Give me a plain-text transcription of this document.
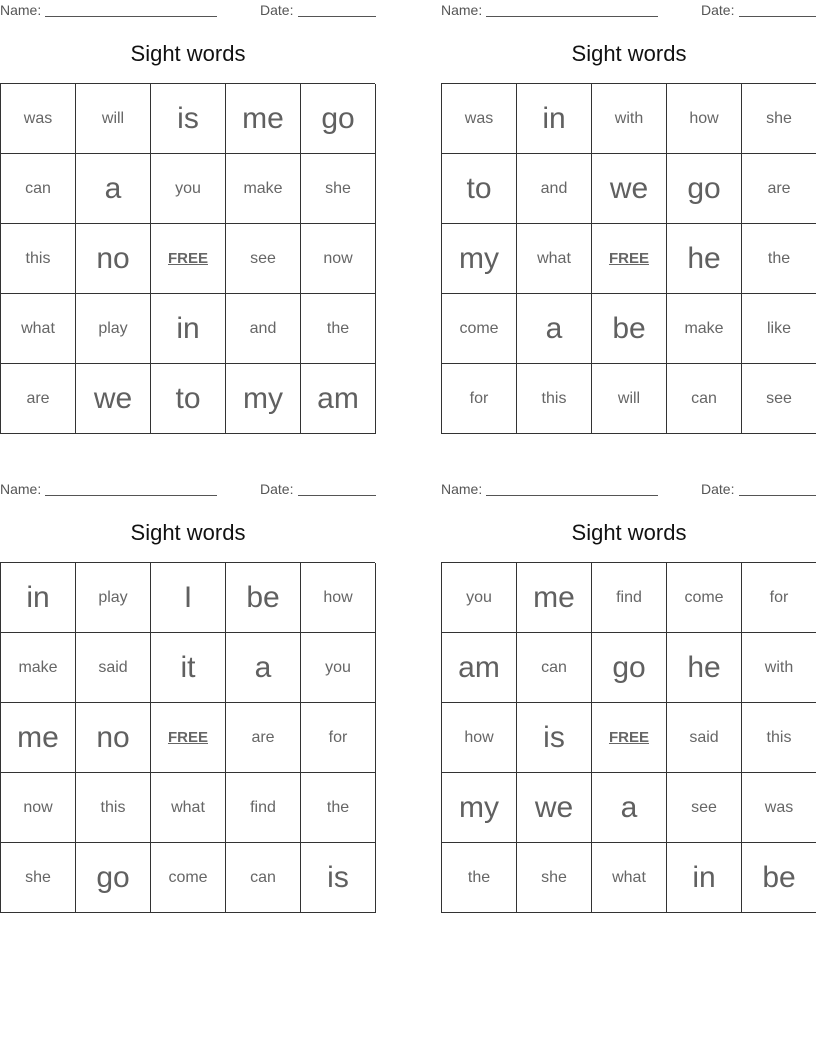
Name:	Date:
Sight words
was	will	is	me	go
can	a	you	make	she
this	no	FREE	see	now
what	play	in	and	the
are	we	to	my	am
Name:	Date:
Sight words
was	in	with	how	she
to	and	we	go	are
my	what	FREE	he	the
come	a	be	make	like
for	this	will	can	see
Name:	Date:
Sight words
in	play	I	be	how
make	said	it	a	you
me	no	FREE	are	for
now	this	what	find	the
she	go	come	can	is
Name:	Date:
Sight words
you	me	find	come	for
am	can	go	he	with
how	is	FREE	said	this
my	we	a	see	was
the	she	what	in	be
